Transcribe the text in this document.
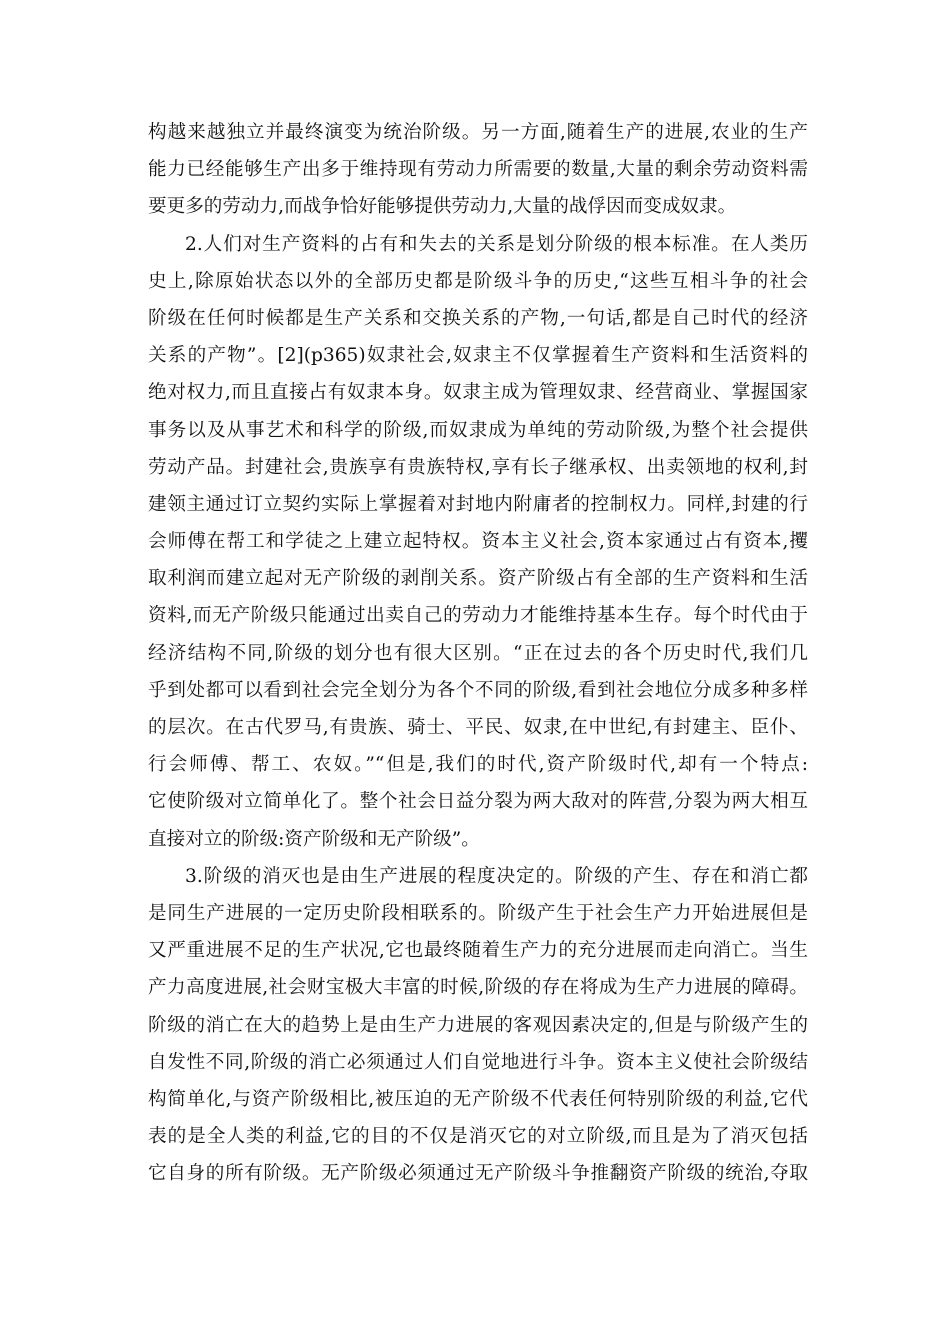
构越来越独立并最终演变为统治阶级。另一方面,随着生产的进展,农业的生产
能力已经能够生产出多于维持现有劳动力所需要的数量,大量的剩余劳动资料需
要更多的劳动力,而战争恰好能够提供劳动力,大量的战俘因而变成奴隶。
2.人们对生产资料的占有和失去的关系是划分阶级的根本标准。在人类历
史上,除原始状态以外的全部历史都是阶级斗争的历史,“这些互相斗争的社会
阶级在任何时候都是生产关系和交换关系的产物,一句话,都是自己时代的经济
关系的产物”。[2](p365)奴隶社会,奴隶主不仅掌握着生产资料和生活资料的
绝对权力,而且直接占有奴隶本身。奴隶主成为管理奴隶、经营商业、掌握国家
事务以及从事艺术和科学的阶级,而奴隶成为单纯的劳动阶级,为整个社会提供
劳动产品。封建社会,贵族享有贵族特权,享有长子继承权、出卖领地的权利,封
建领主通过订立契约实际上掌握着对封地内附庸者的控制权力。同样,封建的行
会师傅在帮工和学徒之上建立起特权。资本主义社会,资本家通过占有资本,攫
取利润而建立起对无产阶级的剥削关系。资产阶级占有全部的生产资料和生活
资料,而无产阶级只能通过出卖自己的劳动力才能维持基本生存。每个时代由于
经济结构不同,阶级的划分也有很大区别。“正在过去的各个历史时代,我们几
乎到处都可以看到社会完全划分为各个不同的阶级,看到社会地位分成多种多样
的层次。在古代罗马,有贵族、骑士、平民、奴隶,在中世纪,有封建主、臣仆、
行会师傅、帮工、农奴。”“但是,我们的时代,资产阶级时代,却有一个特点:
它使阶级对立简单化了。整个社会日益分裂为两大敌对的阵营,分裂为两大相互
直接对立的阶级:资产阶级和无产阶级”。
3.阶级的消灭也是由生产进展的程度决定的。阶级的产生、存在和消亡都
是同生产进展的一定历史阶段相联系的。阶级产生于社会生产力开始进展但是
又严重进展不足的生产状况,它也最终随着生产力的充分进展而走向消亡。当生
产力高度进展,社会财宝极大丰富的时候,阶级的存在将成为生产力进展的障碍。
阶级的消亡在大的趋势上是由生产力进展的客观因素决定的,但是与阶级产生的
自发性不同,阶级的消亡必须通过人们自觉地进行斗争。资本主义使社会阶级结
构简单化,与资产阶级相比,被压迫的无产阶级不代表任何特别阶级的利益,它代
表的是全人类的利益,它的目的不仅是消灭它的对立阶级,而且是为了消灭包括
它自身的所有阶级。无产阶级必须通过无产阶级斗争推翻资产阶级的统治,夺取
